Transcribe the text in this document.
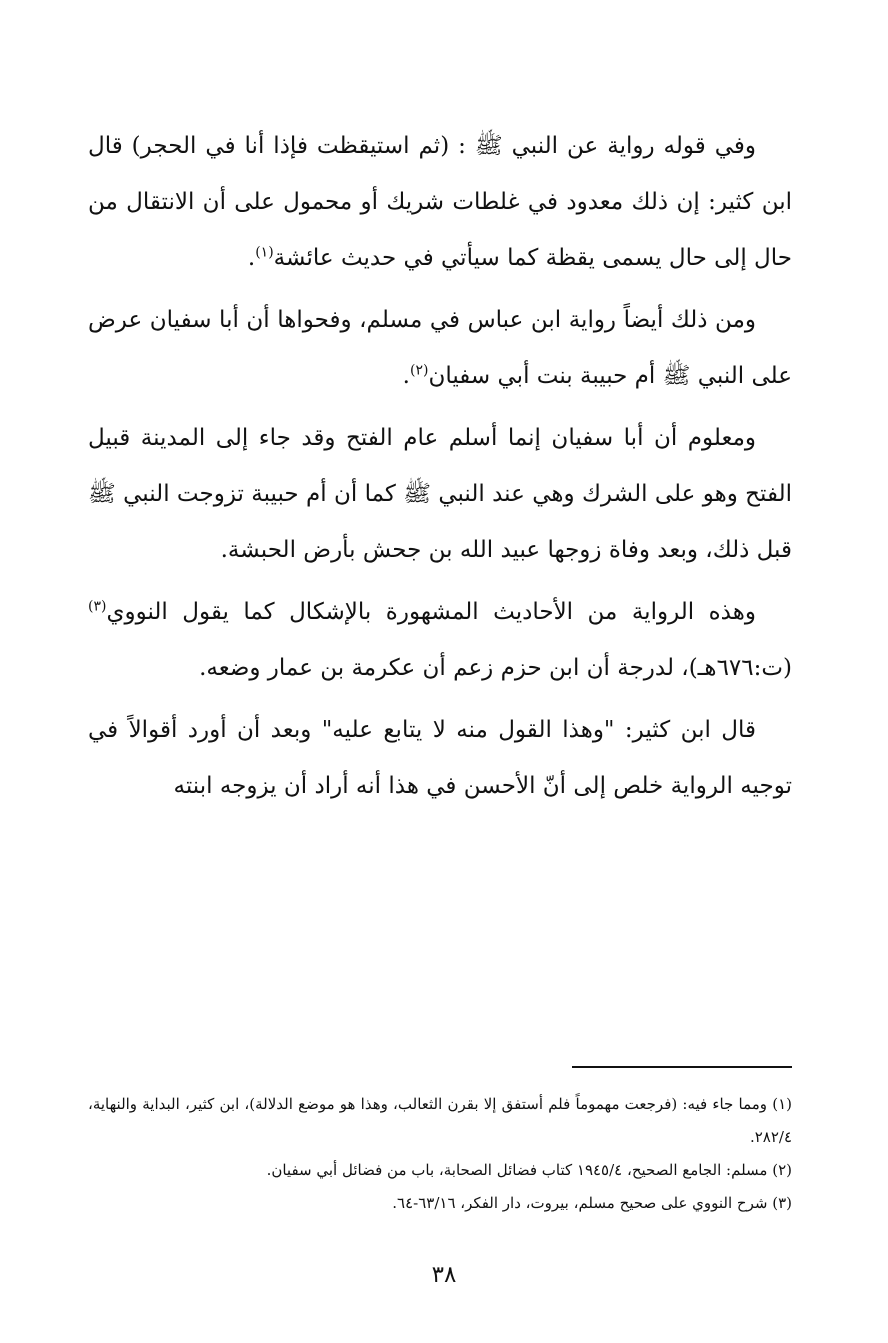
وفي قوله رواية عن النبي ﷺ : (ثم استيقظت فإذا أنا في الحجر) قال ابن كثير: إن ذلك معدود في غلطات شريك أو محمول على أن الانتقال من حال إلى حال يسمى يقظة كما سيأتي في حديث عائشة$^{(١)}$.

ومن ذلك أيضاً رواية ابن عباس في مسلم، وفحواها أن أبا سفيان عرض على النبي ﷺ أم حبيبة بنت أبي سفيان$^{(٢)}$.

ومعلوم أن أبا سفيان إنما أسلم عام الفتح وقد جاء إلى المدينة قبيل الفتح وهو على الشرك وهي عند النبي ﷺ كما أن أم حبيبة تزوجت النبي ﷺ قبل ذلك، وبعد وفاة زوجها عبيد الله بن جحش بأرض الحبشة.

وهذه الرواية من الأحاديث المشهورة بالإشكال كما يقول النووي$^{(٣)}$ (ت:٦٧٦هـ)، لدرجة أن ابن حزم زعم أن عكرمة بن عمار وضعه.

قال ابن كثير: "وهذا القول منه لا يتابع عليه" وبعد أن أورد أقوالاً في توجيه الرواية خلص إلى أنّ الأحسن في هذا أنه أراد أن يزوجه ابنته

(١) ومما جاء فيه: (فرجعت مهموماً فلم أستفق إلا بقرن الثعالب، وهذا هو موضع الدلالة)، ابن كثير، البداية والنهاية، ٢٨٢/٤.

(٢) مسلم: الجامع الصحيح، ١٩٤٥/٤ كتاب فضائل الصحابة، باب من فضائل أبي سفيان.

(٣) شرح النووي على صحيح مسلم، بيروت، دار الفكر، ٦٣/١٦-٦٤.

٣٨
